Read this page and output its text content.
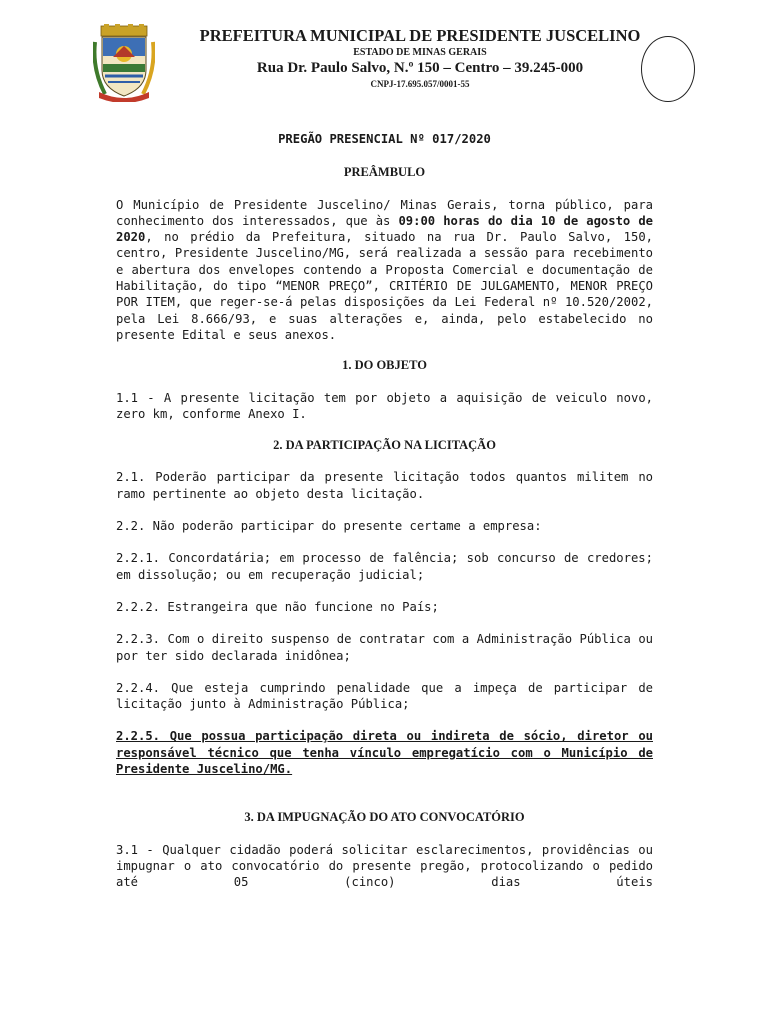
PREFEITURA MUNICIPAL DE PRESIDENTE JUSCELINO
ESTADO DE MINAS GERAIS
Rua Dr. Paulo Salvo, N.º 150 – Centro – 39.245-000
CNPJ-17.695.057/0001-55

PREGÃO PRESENCIAL Nº 017/2020

PREÂMBULO

O Município de Presidente Juscelino/ Minas Gerais, torna público, para conhecimento dos interessados, que às 09:00 horas do dia 10 de agosto de 2020, no prédio da Prefeitura, situado na rua Dr. Paulo Salvo, 150, centro, Presidente Juscelino/MG, será realizada a sessão para recebimento e abertura dos envelopes contendo a Proposta Comercial e documentação de Habilitação, do tipo “MENOR PREÇO”, CRITÉRIO DE JULGAMENTO, MENOR PREÇO POR ITEM, que reger-se-á pelas disposições da Lei Federal nº 10.520/2002, pela Lei 8.666/93, e suas alterações e, ainda, pelo estabelecido no presente Edital e seus anexos.

1. DO OBJETO

1.1 - A presente licitação tem por objeto a aquisição de veiculo novo, zero km, conforme Anexo I.

2. DA PARTICIPAÇÃO NA LICITAÇÃO

2.1. Poderão participar da presente licitação todos quantos militem no ramo pertinente ao objeto desta licitação.

2.2. Não poderão participar do presente certame a empresa:

2.2.1. Concordatária; em processo de falência; sob concurso de credores; em dissolução; ou em recuperação judicial;

2.2.2. Estrangeira que não funcione no País;

2.2.3. Com o direito suspenso de contratar com a Administração Pública ou por ter sido declarada inidônea;

2.2.4. Que esteja cumprindo penalidade que a impeça de participar de licitação junto à Administração Pública;

2.2.5. Que possua participação direta ou indireta de sócio, diretor ou responsável técnico que tenha vínculo empregatício com o Município de Presidente Juscelino/MG.

3. DA IMPUGNAÇÃO DO ATO CONVOCATÓRIO

3.1 - Qualquer cidadão poderá solicitar esclarecimentos, providências ou impugnar o ato convocatório do presente pregão, protocolizando o pedido até 05 (cinco) dias úteis
